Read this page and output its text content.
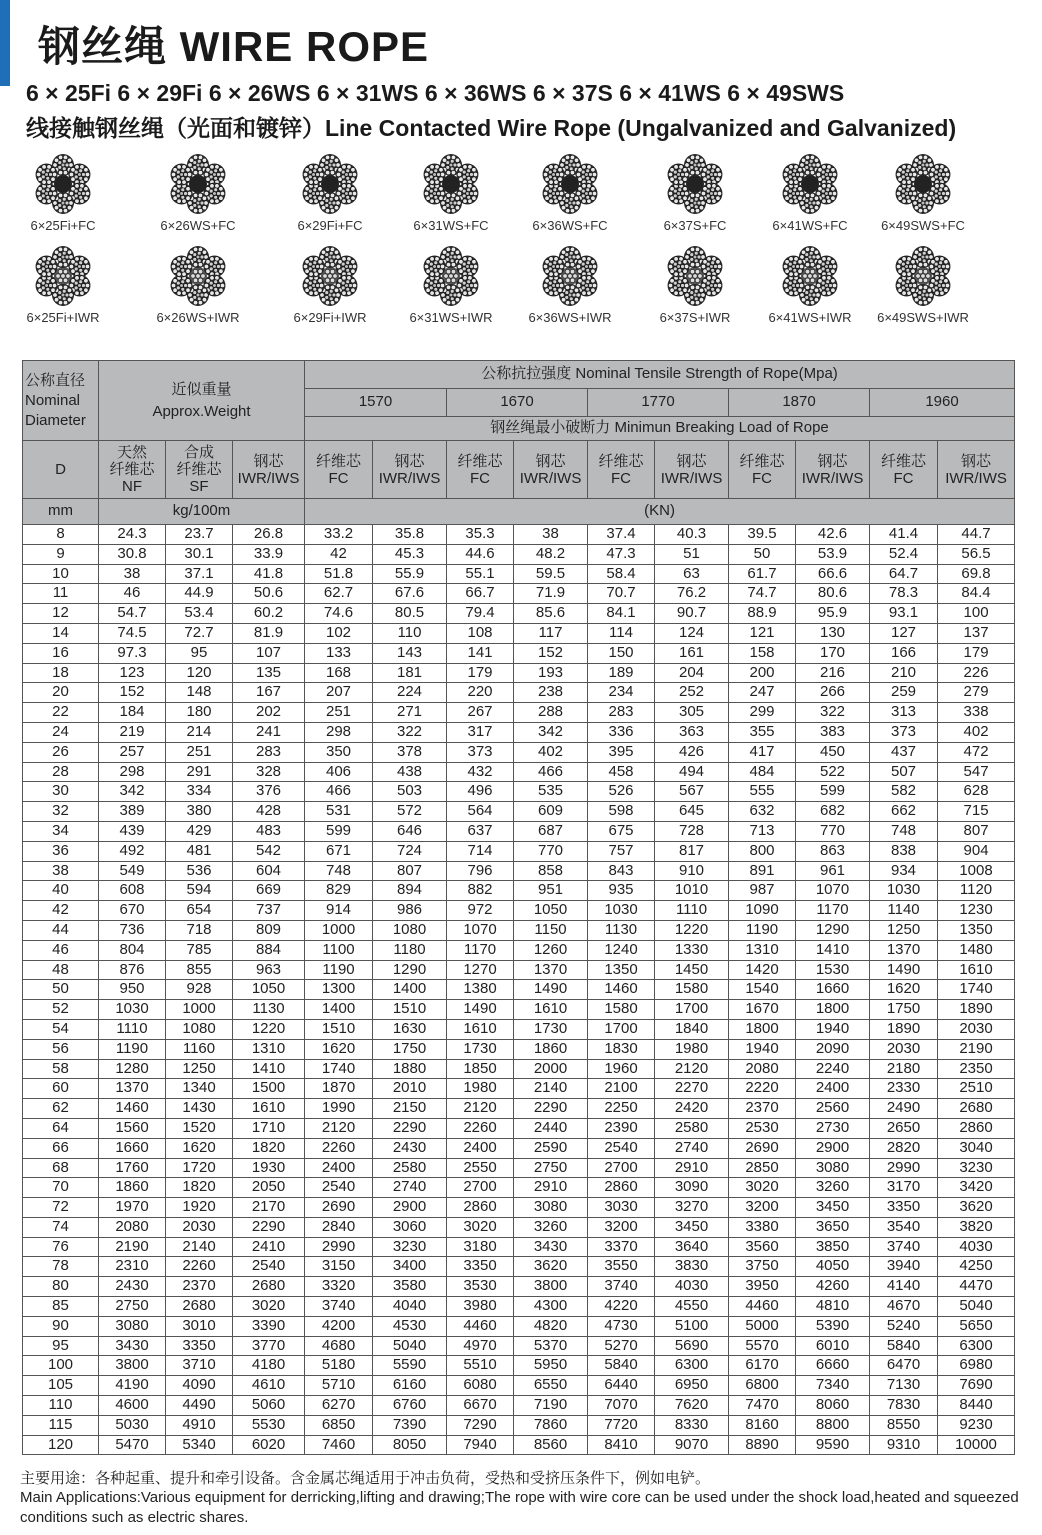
钢丝绳 WIRE ROPE
6 × 25Fi 6 × 29Fi 6 × 26WS 6 × 31WS 6 × 36WS 6 × 37S 6 × 41WS 6 × 49SWS
线接触钢丝绳（光面和镀锌）Line Contacted Wire Rope (Ungalvanized and Galvanized)
6×25Fi+FC	6×26WS+FC	6×29Fi+FC	6×31WS+FC	6×36WS+FC	6×37S+FC	6×41WS+FC	6×49SWS+FC
6×25Fi+IWR	6×26WS+IWR	6×29Fi+IWR	6×31WS+IWR	6×36WS+IWR	6×37S+IWR	6×41WS+IWR	6×49SWS+IWR
公称直径
Nominal
Diameter	近似重量
Approx.Weight			公称抗拉强度 Nominal Tensile Strength of Rope(Mpa)									
				1570		1670		1770		1870		1960	
				钢丝绳最小破断力 Minimun Breaking Load of Rope									
D	天然
纤维芯
NF	合成
纤维芯
SF	钢芯
IWR/IWS	纤维芯
FC	钢芯
IWR/IWS	纤维芯
FC	钢芯
IWR/IWS	纤维芯
FC	钢芯
IWR/IWS	纤维芯
FC	钢芯
IWR/IWS	纤维芯
FC	钢芯
IWR/IWS
mm	kg/100m			(KN)									
8	24.3	23.7	26.8	33.2	35.8	35.3	38	37.4	40.3	39.5	42.6	41.4	44.7
9	30.8	30.1	33.9	42	45.3	44.6	48.2	47.3	51	50	53.9	52.4	56.5
10	38	37.1	41.8	51.8	55.9	55.1	59.5	58.4	63	61.7	66.6	64.7	69.8
11	46	44.9	50.6	62.7	67.6	66.7	71.9	70.7	76.2	74.7	80.6	78.3	84.4
12	54.7	53.4	60.2	74.6	80.5	79.4	85.6	84.1	90.7	88.9	95.9	93.1	100
14	74.5	72.7	81.9	102	110	108	117	114	124	121	130	127	137
16	97.3	95	107	133	143	141	152	150	161	158	170	166	179
18	123	120	135	168	181	179	193	189	204	200	216	210	226
20	152	148	167	207	224	220	238	234	252	247	266	259	279
22	184	180	202	251	271	267	288	283	305	299	322	313	338
24	219	214	241	298	322	317	342	336	363	355	383	373	402
26	257	251	283	350	378	373	402	395	426	417	450	437	472
28	298	291	328	406	438	432	466	458	494	484	522	507	547
30	342	334	376	466	503	496	535	526	567	555	599	582	628
32	389	380	428	531	572	564	609	598	645	632	682	662	715
34	439	429	483	599	646	637	687	675	728	713	770	748	807
36	492	481	542	671	724	714	770	757	817	800	863	838	904
38	549	536	604	748	807	796	858	843	910	891	961	934	1008
40	608	594	669	829	894	882	951	935	1010	987	1070	1030	1120
42	670	654	737	914	986	972	1050	1030	1110	1090	1170	1140	1230
44	736	718	809	1000	1080	1070	1150	1130	1220	1190	1290	1250	1350
46	804	785	884	1100	1180	1170	1260	1240	1330	1310	1410	1370	1480
48	876	855	963	1190	1290	1270	1370	1350	1450	1420	1530	1490	1610
50	950	928	1050	1300	1400	1380	1490	1460	1580	1540	1660	1620	1740
52	1030	1000	1130	1400	1510	1490	1610	1580	1700	1670	1800	1750	1890
54	1110	1080	1220	1510	1630	1610	1730	1700	1840	1800	1940	1890	2030
56	1190	1160	1310	1620	1750	1730	1860	1830	1980	1940	2090	2030	2190
58	1280	1250	1410	1740	1880	1850	2000	1960	2120	2080	2240	2180	2350
60	1370	1340	1500	1870	2010	1980	2140	2100	2270	2220	2400	2330	2510
62	1460	1430	1610	1990	2150	2120	2290	2250	2420	2370	2560	2490	2680
64	1560	1520	1710	2120	2290	2260	2440	2390	2580	2530	2730	2650	2860
66	1660	1620	1820	2260	2430	2400	2590	2540	2740	2690	2900	2820	3040
68	1760	1720	1930	2400	2580	2550	2750	2700	2910	2850	3080	2990	3230
70	1860	1820	2050	2540	2740	2700	2910	2860	3090	3020	3260	3170	3420
72	1970	1920	2170	2690	2900	2860	3080	3030	3270	3200	3450	3350	3620
74	2080	2030	2290	2840	3060	3020	3260	3200	3450	3380	3650	3540	3820
76	2190	2140	2410	2990	3230	3180	3430	3370	3640	3560	3850	3740	4030
78	2310	2260	2540	3150	3400	3350	3620	3550	3830	3750	4050	3940	4250
80	2430	2370	2680	3320	3580	3530	3800	3740	4030	3950	4260	4140	4470
85	2750	2680	3020	3740	4040	3980	4300	4220	4550	4460	4810	4670	5040
90	3080	3010	3390	4200	4530	4460	4820	4730	5100	5000	5390	5240	5650
95	3430	3350	3770	4680	5040	4970	5370	5270	5690	5570	6010	5840	6300
100	3800	3710	4180	5180	5590	5510	5950	5840	6300	6170	6660	6470	6980
105	4190	4090	4610	5710	6160	6080	6550	6440	6950	6800	7340	7130	7690
110	4600	4490	5060	6270	6760	6670	7190	7070	7620	7470	8060	7830	8440
115	5030	4910	5530	6850	7390	7290	7860	7720	8330	8160	8800	8550	9230
120	5470	5340	6020	7460	8050	7940	8560	8410	9070	8890	9590	9310	10000
主要用途：各种起重、提升和牵引设备。含金属芯绳适用于冲击负荷，受热和受挤压条件下，例如电铲。
Main Applications:Various equipment for derricking,lifting and drawing;The rope with wire core can be used under the shock load,heated and squeezed conditions such as electric shares.
